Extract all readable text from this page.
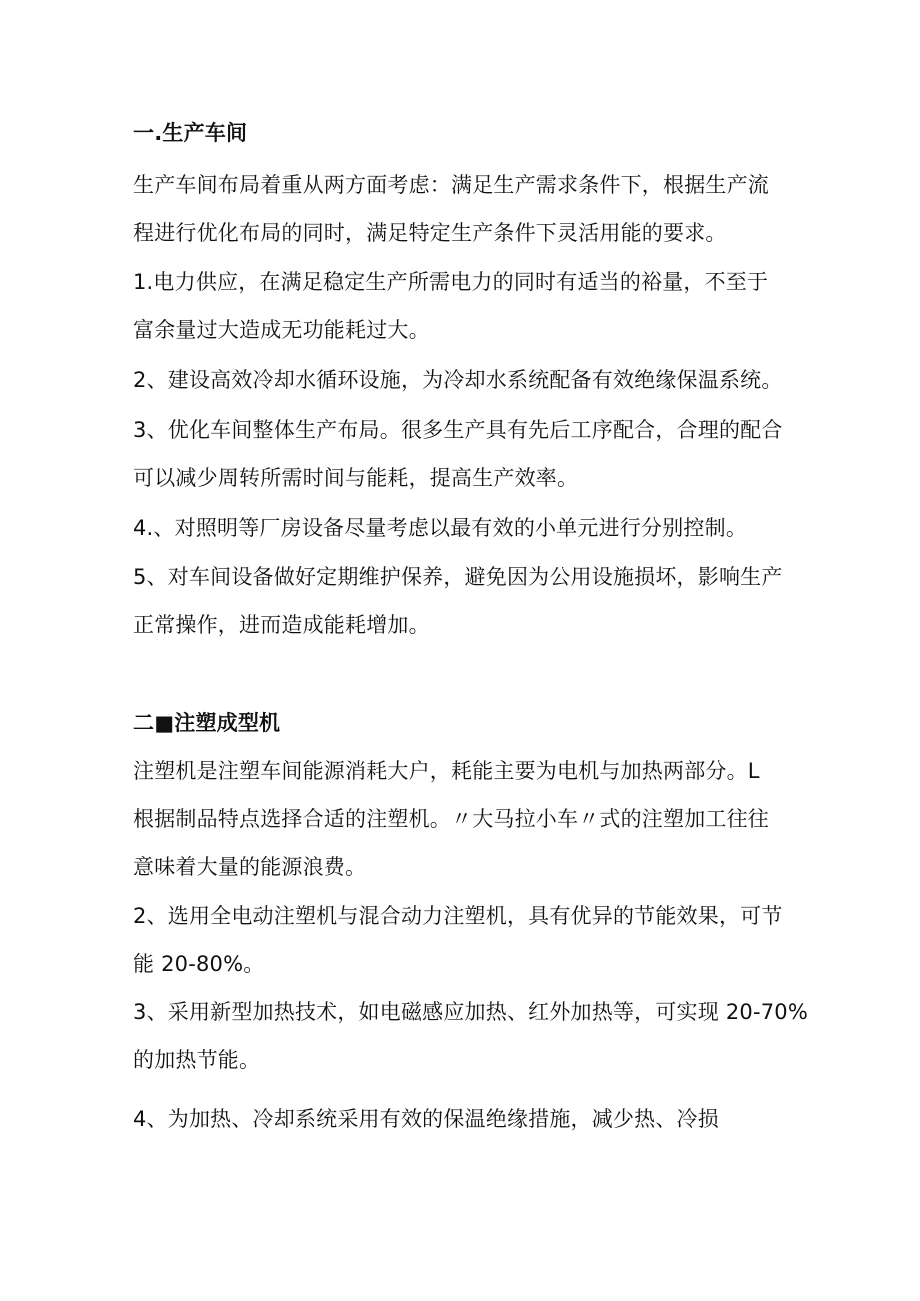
一.生产车间
生产车间布局着重从两方面考虑：满足生产需求条件下，根据生产流
程进行优化布局的同时，满足特定生产条件下灵活用能的要求。
1.电力供应，在满足稳定生产所需电力的同时有适当的裕量，不至于
富余量过大造成无功能耗过大。
2、建设高效冷却水循环设施，为冷却水系统配备有效绝缘保温系统。
3、优化车间整体生产布局。很多生产具有先后工序配合，合理的配合
可以减少周转所需时间与能耗，提高生产效率。
4.、对照明等厂房设备尽量考虑以最有效的小单元进行分别控制。
5、对车间设备做好定期维护保养，避免因为公用设施损坏，影响生产
正常操作，进而造成能耗增加。
二■注塑成型机
注塑机是注塑车间能源消耗大户，耗能主要为电机与加热两部分。L
根据制品特点选择合适的注塑机。〃大马拉小车〃式的注塑加工往往
意味着大量的能源浪费。
2、选用全电动注塑机与混合动力注塑机，具有优异的节能效果，可节
能 20-80%。
3、采用新型加热技术，如电磁感应加热、红外加热等，可实现 20-70%
的加热节能。
4、为加热、冷却系统采用有效的保温绝缘措施，减少热、冷损
